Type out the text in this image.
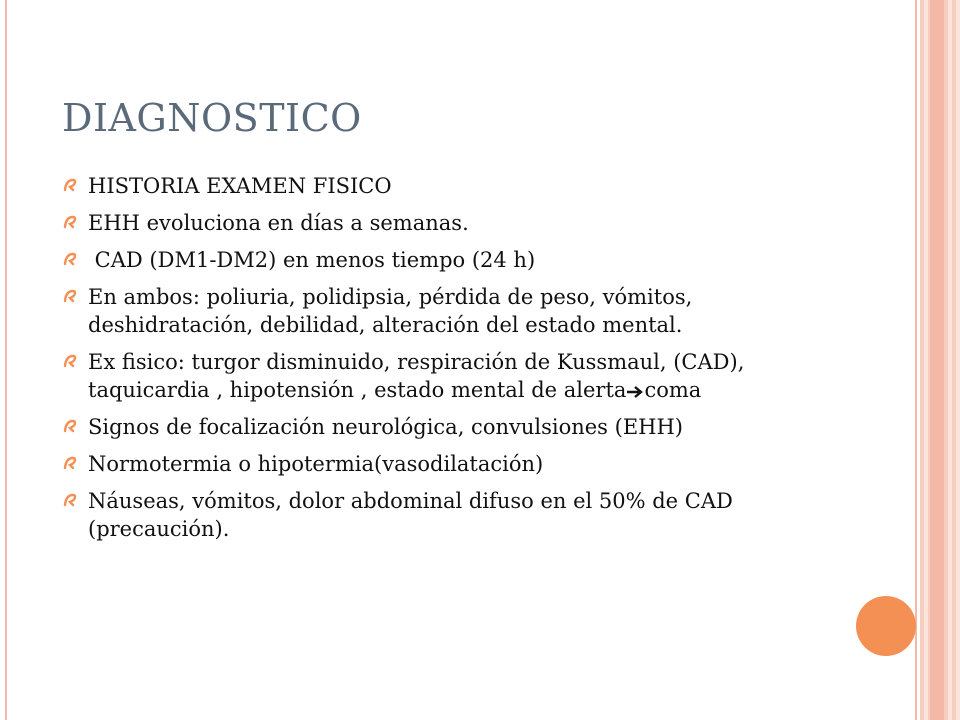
DIAGNOSTICO
HISTORIA EXAMEN FISICO
EHH evoluciona en días a semanas.
CAD (DM1-DM2) en menos tiempo (24 h)
En ambos: poliuria, polidipsia, pérdida de peso, vómitos, deshidratación, debilidad, alteración del estado mental.
Ex fisico: turgor disminuido, respiración de Kussmaul, (CAD), taquicardia , hipotensión , estado mental de alerta coma
Signos de focalización neurológica, convulsiones (EHH)
Normotermia o hipotermia(vasodilatación)
Náuseas, vómitos, dolor abdominal difuso en el 50% de CAD (precaución).
